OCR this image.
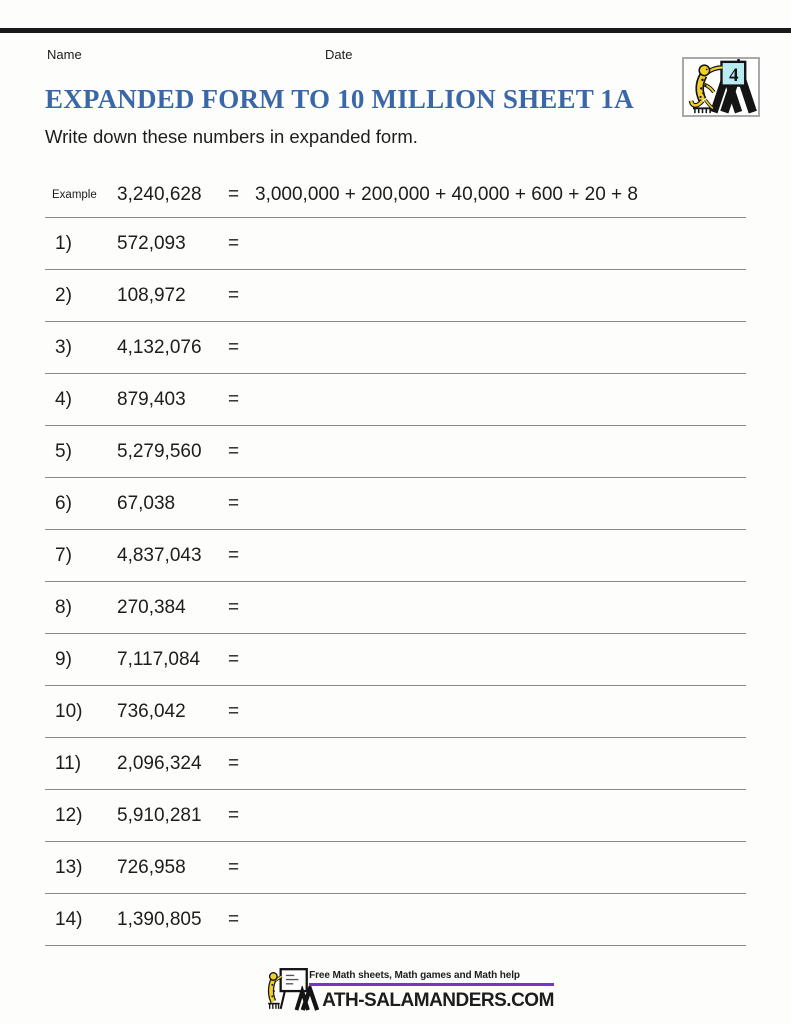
Name	Date
4
EXPANDED FORM TO 10 MILLION SHEET 1A
Write down these numbers in expanded form.
Example	3,240,628	= 3,000,000 + 200,000 + 40,000 + 600 + 20 + 8
1)	572,093	=
2)	108,972	=
3)	4,132,076	=
4)	879,403	=
5)	5,279,560	=
6)	67,038	=
7)	4,837,043	=
8)	270,384	=
9)	7,117,084	=
10)	736,042	=
11)	2,096,324	=
12)	5,910,281	=
13)	726,958	=
14)	1,390,805	=
Free Math sheets, Math games and Math help
ATH-SALAMANDERS.COM
